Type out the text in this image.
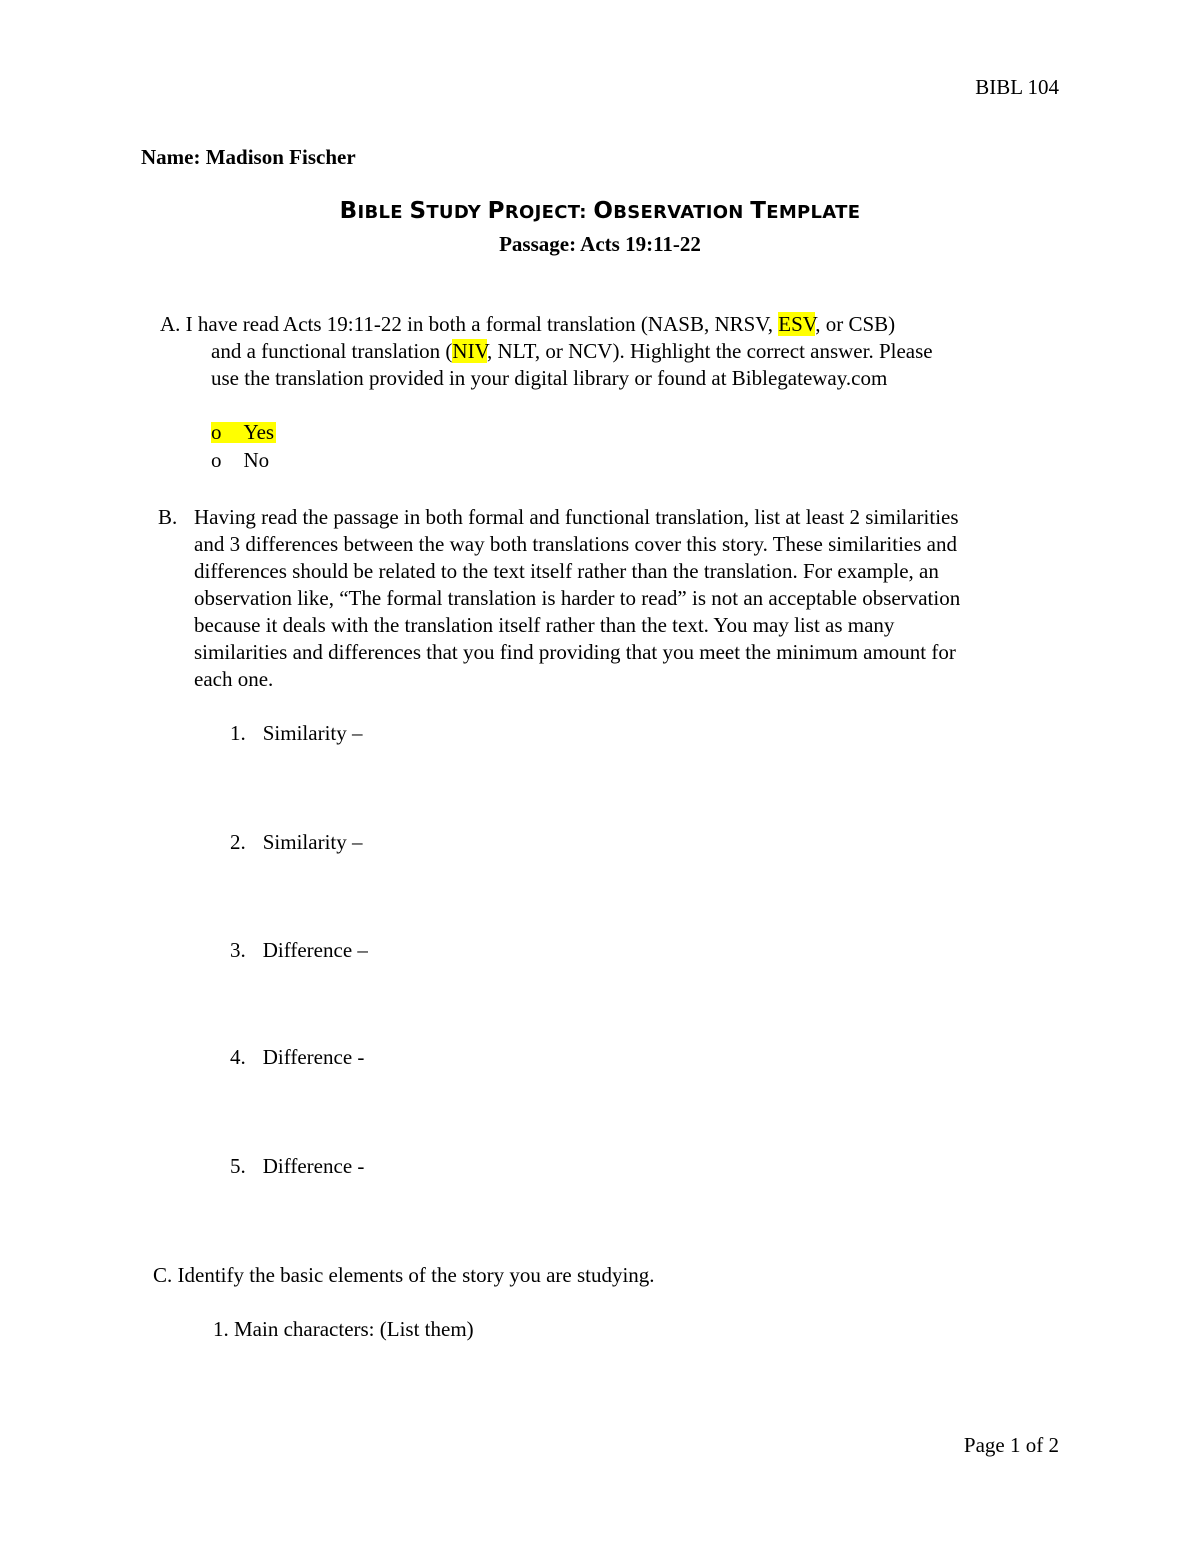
BIBL 104
Name: Madison Fischer
BIBLE STUDY PROJECT: OBSERVATION TEMPLATE
Passage: Acts 19:11-22
A. I have read Acts 19:11-22 in both a formal translation (NASB, NRSV, ESV, or CSB)
and a functional translation (NIV, NLT, or NCV). Highlight the correct answer. Please
use the translation provided in your digital library or found at Biblegateway.com
o Yes
o No
B. Having read the passage in both formal and functional translation, list at least 2 similarities
and 3 differences between the way both translations cover this story. These similarities and
differences should be related to the text itself rather than the translation. For example, an
observation like, “The formal translation is harder to read” is not an acceptable observation
because it deals with the translation itself rather than the text. You may list as many
similarities and differences that you find providing that you meet the minimum amount for
each one.
1. Similarity –
2. Similarity –
3. Difference –
4. Difference -
5. Difference -
C. Identify the basic elements of the story you are studying.
1. Main characters: (List them)
Page 1 of 2
